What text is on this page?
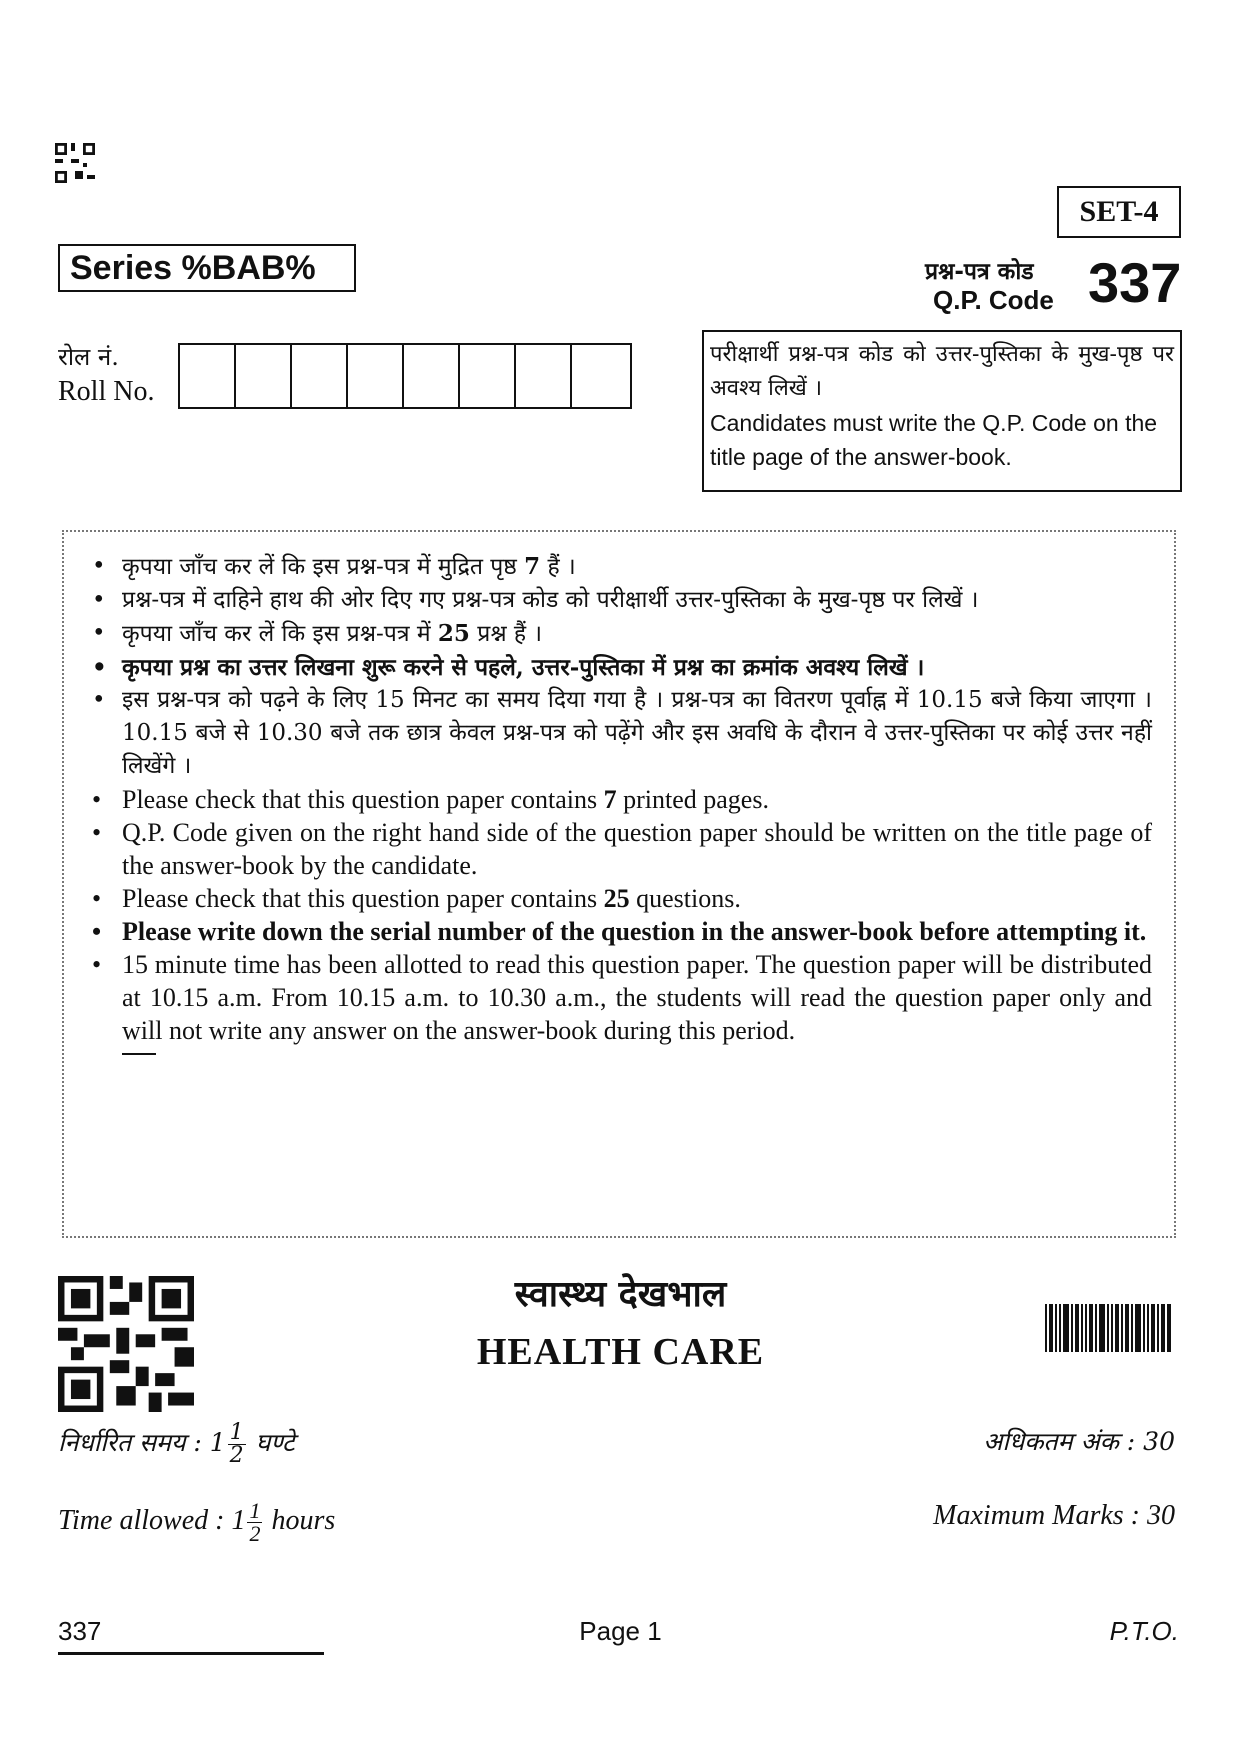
SET-4
Series %BAB%	प्रश्न-पत्र कोड
Q.P. Code 337
रोल नं.
Roll No.
परीक्षार्थी प्रश्न-पत्र कोड को उत्तर-पुस्तिका के मुख-पृष्ठ पर अवश्य लिखें ।
Candidates must write the Q.P. Code on the title page of the answer-book.
• कृपया जाँच कर लें कि इस प्रश्न-पत्र में मुद्रित पृष्ठ 7 हैं ।
• प्रश्न-पत्र में दाहिने हाथ की ओर दिए गए प्रश्न-पत्र कोड को परीक्षार्थी उत्तर-पुस्तिका के मुख-पृष्ठ पर लिखें ।
• कृपया जाँच कर लें कि इस प्रश्न-पत्र में 25 प्रश्न हैं ।
• कृपया प्रश्न का उत्तर लिखना शुरू करने से पहले, उत्तर-पुस्तिका में प्रश्न का क्रमांक अवश्य लिखें ।
• इस प्रश्न-पत्र को पढ़ने के लिए 15 मिनट का समय दिया गया है । प्रश्न-पत्र का वितरण पूर्वाह्न में 10.15 बजे किया जाएगा । 10.15 बजे से 10.30 बजे तक छात्र केवल प्रश्न-पत्र को पढ़ेंगे और इस अवधि के दौरान वे उत्तर-पुस्तिका पर कोई उत्तर नहीं लिखेंगे ।
• Please check that this question paper contains 7 printed pages.
• Q.P. Code given on the right hand side of the question paper should be written on the title page of the answer-book by the candidate.
• Please check that this question paper contains 25 questions.
• Please write down the serial number of the question in the answer-book before attempting it.
• 15 minute time has been allotted to read this question paper. The question paper will be distributed at 10.15 a.m. From 10.15 a.m. to 10.30 a.m., the students will read the question paper only and will not write any answer on the answer-book during this period.
स्वास्थ्य देखभाल
HEALTH CARE
निर्धारित समय : $1 \frac{1}{2}$ घण्टे
Time allowed : $1 \frac{1}{2}$ hours
अधिकतम अंक : 30
Maximum Marks : 30
337	Page 1	P.T.O.
